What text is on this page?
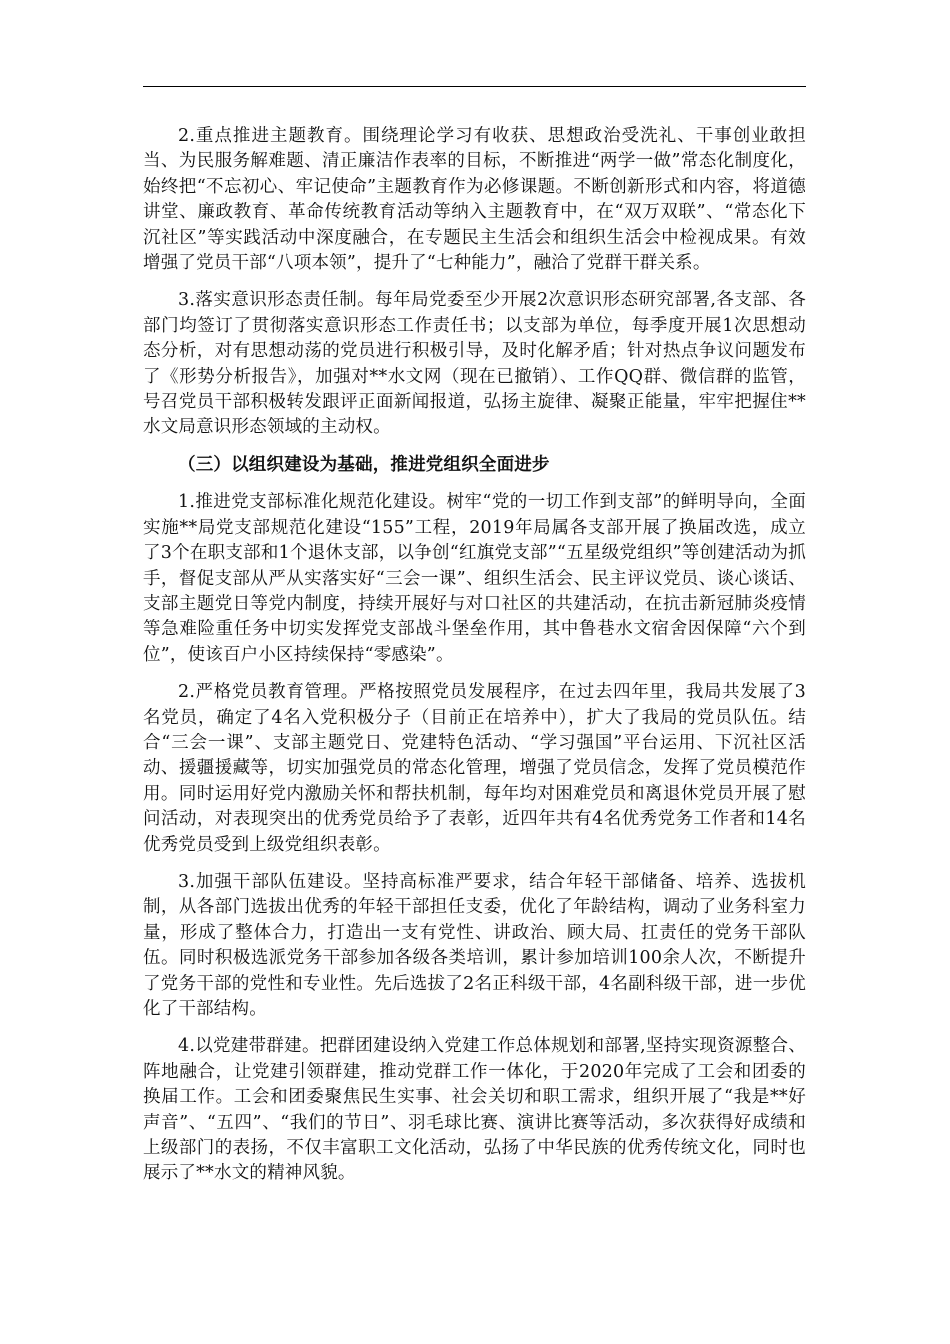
2.重点推进主题教育。围绕理论学习有收获、思想政治受洗礼、干事创业敢担当、为民服务解难题、清正廉洁作表率的目标，不断推进“两学一做”常态化制度化，始终把“不忘初心、牢记使命”主题教育作为必修课题。不断创新形式和内容，将道德讲堂、廉政教育、革命传统教育活动等纳入主题教育中，在“双万双联”、“常态化下沉社区”等实践活动中深度融合，在专题民主生活会和组织生活会中检视成果。有效增强了党员干部“八项本领”，提升了“七种能力”，融洽了党群干群关系。

3.落实意识形态责任制。每年局党委至少开展2次意识形态研究部署,各支部、各部门均签订了贯彻落实意识形态工作责任书；以支部为单位，每季度开展1次思想动态分析，对有思想动荡的党员进行积极引导，及时化解矛盾；针对热点争议问题发布了《形势分析报告》，加强对**水文网（现在已撤销）、工作QQ群、微信群的监管，号召党员干部积极转发跟评正面新闻报道，弘扬主旋律、凝聚正能量，牢牢把握住**水文局意识形态领域的主动权。

（三）以组织建设为基础，推进党组织全面进步

1.推进党支部标准化规范化建设。树牢“党的一切工作到支部”的鲜明导向，全面实施**局党支部规范化建设“155”工程，2019年局属各支部开展了换届改选，成立了3个在职支部和1个退休支部，以争创“红旗党支部”“五星级党组织”等创建活动为抓手，督促支部从严从实落实好“三会一课”、组织生活会、民主评议党员、谈心谈话、支部主题党日等党内制度，持续开展好与对口社区的共建活动，在抗击新冠肺炎疫情等急难险重任务中切实发挥党支部战斗堡垒作用，其中鲁巷水文宿舍因保障“六个到位”，使该百户小区持续保持“零感染”。

2.严格党员教育管理。严格按照党员发展程序，在过去四年里，我局共发展了3名党员，确定了4名入党积极分子（目前正在培养中），扩大了我局的党员队伍。结合“三会一课”、支部主题党日、党建特色活动、“学习强国”平台运用、下沉社区活动、援疆援藏等，切实加强党员的常态化管理，增强了党员信念，发挥了党员模范作用。同时运用好党内激励关怀和帮扶机制，每年均对困难党员和离退休党员开展了慰问活动，对表现突出的优秀党员给予了表彰，近四年共有4名优秀党务工作者和14名优秀党员受到上级党组织表彰。

3.加强干部队伍建设。坚持高标准严要求，结合年轻干部储备、培养、选拔机制，从各部门选拔出优秀的年轻干部担任支委，优化了年龄结构，调动了业务科室力量，形成了整体合力，打造出一支有党性、讲政治、顾大局、扛责任的党务干部队伍。同时积极选派党务干部参加各级各类培训，累计参加培训100余人次，不断提升了党务干部的党性和专业性。先后选拔了2名正科级干部，4名副科级干部，进一步优化了干部结构。

4.以党建带群建。把群团建设纳入党建工作总体规划和部署,坚持实现资源整合、阵地融合，让党建引领群建，推动党群工作一体化，于2020年完成了工会和团委的换届工作。工会和团委聚焦民生实事、社会关切和职工需求，组织开展了“我是**好声音”、“五四”、“我们的节日”、羽毛球比赛、演讲比赛等活动，多次获得好成绩和上级部门的表扬，不仅丰富职工文化活动，弘扬了中华民族的优秀传统文化，同时也展示了**水文的精神风貌。
